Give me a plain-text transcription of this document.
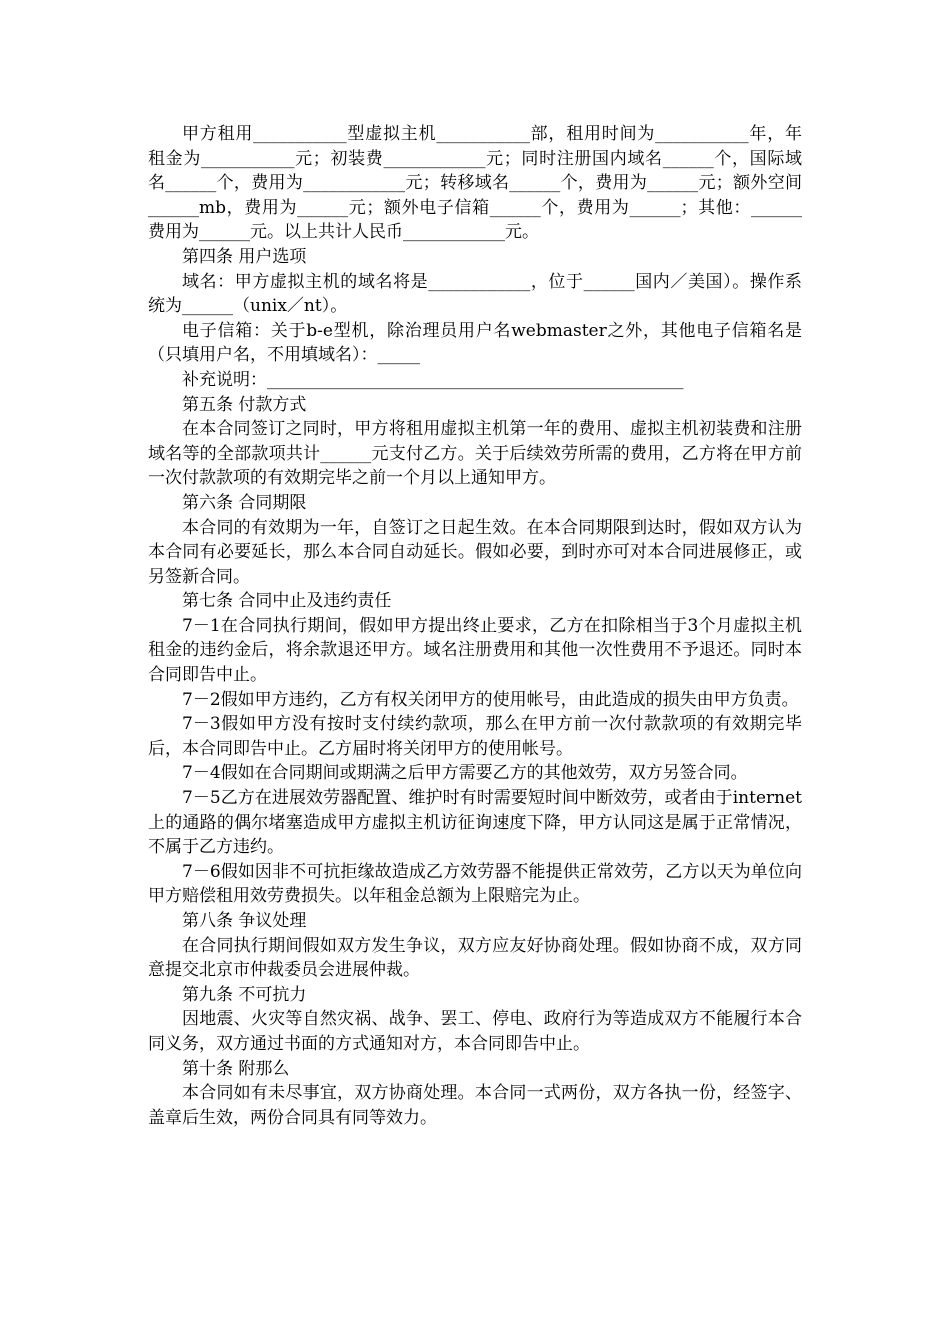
甲方租用___________型虚拟主机___________部，租用时间为___________年，年租金为___________元；初装费____________元；同时注册国内域名______个，国际域名______个，费用为____________元；转移域名______个，费用为______元；额外空间______mb，费用为______元；额外电子信箱______个，费用为______；其他：______费用为______元。以上共计人民币____________元。

第四条 用户选项

域名：甲方虚拟主机的域名将是____________，位于______国内／美国）。操作系统为______（unix／nt）。

电子信箱：关于b-e型机，除治理员用户名webmaster之外，其他电子信箱名是（只填用户名，不用填域名）：_____

补充说明：_________________________________________________

第五条 付款方式

在本合同签订之同时，甲方将租用虚拟主机第一年的费用、虚拟主机初装费和注册域名等的全部款项共计______元支付乙方。关于后续效劳所需的费用，乙方将在甲方前一次付款款项的有效期完毕之前一个月以上通知甲方。

第六条 合同期限

本合同的有效期为一年，自签订之日起生效。在本合同期限到达时，假如双方认为本合同有必要延长，那么本合同自动延长。假如必要，到时亦可对本合同进展修正，或另签新合同。

第七条 合同中止及违约责任

7－1在合同执行期间，假如甲方提出终止要求，乙方在扣除相当于3个月虚拟主机租金的违约金后，将余款退还甲方。域名注册费用和其他一次性费用不予退还。同时本合同即告中止。

7－2假如甲方违约，乙方有权关闭甲方的使用帐号，由此造成的损失由甲方负责。

7－3假如甲方没有按时支付续约款项，那么在甲方前一次付款款项的有效期完毕后，本合同即告中止。乙方届时将关闭甲方的使用帐号。

7－4假如在合同期间或期满之后甲方需要乙方的其他效劳，双方另签合同。

7－5乙方在进展效劳器配置、维护时有时需要短时间中断效劳，或者由于internet上的通路的偶尔堵塞造成甲方虚拟主机访征询速度下降，甲方认同这是属于正常情况，不属于乙方违约。

7－6假如因非不可抗拒缘故造成乙方效劳器不能提供正常效劳，乙方以天为单位向甲方赔偿租用效劳费损失。以年租金总额为上限赔完为止。

第八条 争议处理

在合同执行期间假如双方发生争议，双方应友好协商处理。假如协商不成，双方同意提交北京市仲裁委员会进展仲裁。

第九条 不可抗力

因地震、火灾等自然灾祸、战争、罢工、停电、政府行为等造成双方不能履行本合同义务，双方通过书面的方式通知对方，本合同即告中止。

第十条 附那么

本合同如有未尽事宜，双方协商处理。本合同一式两份，双方各执一份，经签字、盖章后生效，两份合同具有同等效力。
